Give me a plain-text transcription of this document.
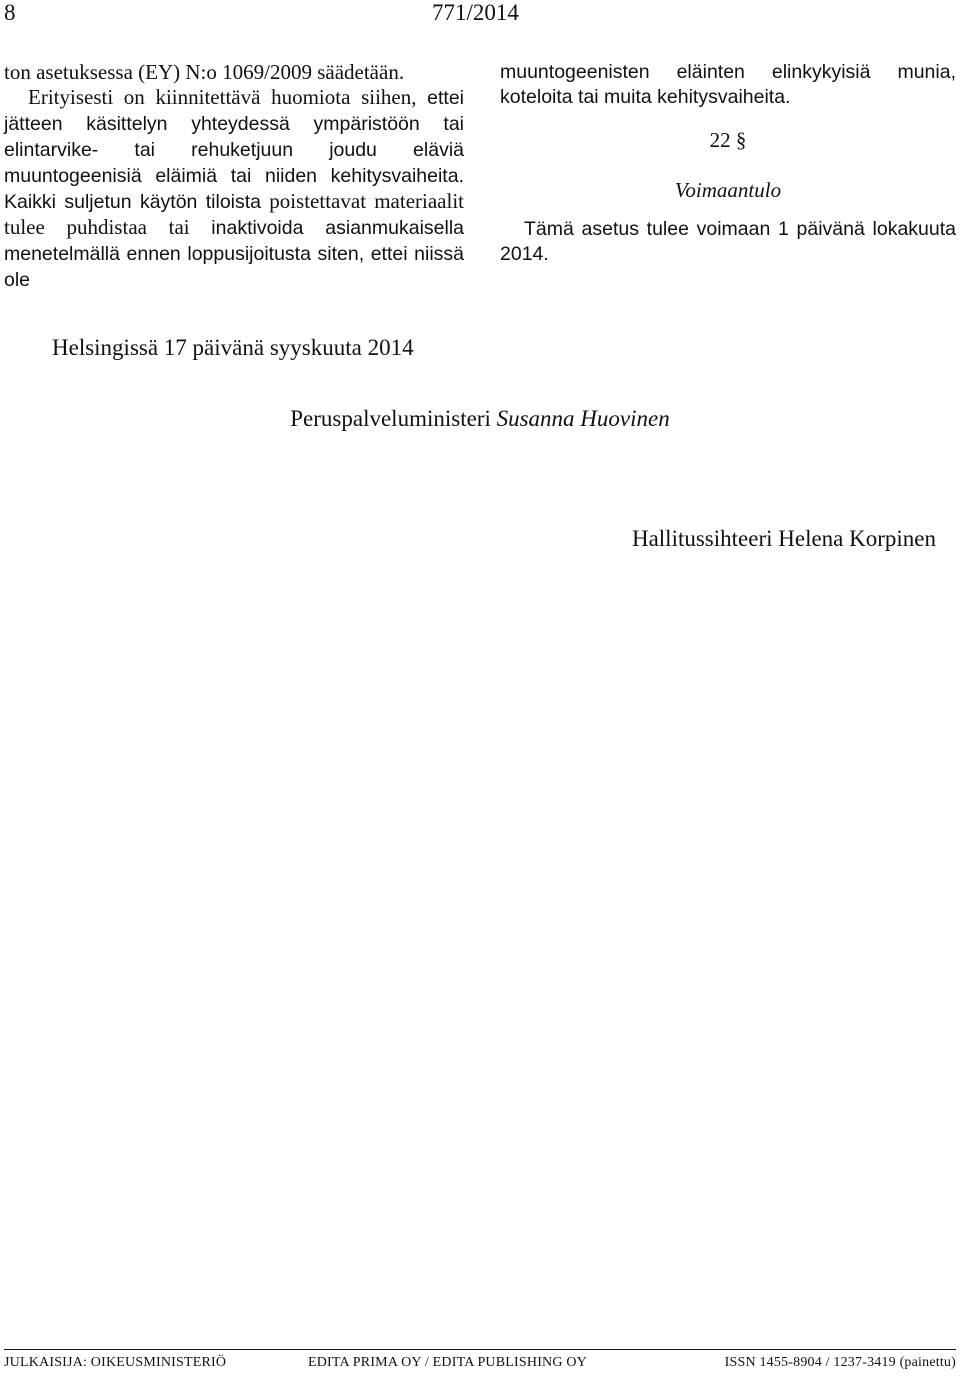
8	771/2014

ton asetuksessa (EY) N:o 1069/2009 säädetään.

Erityisesti on kiinnitettävä huomiota siihen, ettei jätteen käsittelyn yhteydessä ympäristöön tai elintarvike- tai rehuketjuun joudu eläviä muuntogeenisiä eläimiä tai niiden kehitysvaiheita. Kaikki suljetun käytön tiloista poistettavat materiaalit tulee puhdistaa tai inaktivoida asianmukaisella menetelmällä ennen loppusijoitusta siten, ettei niissä ole

muuntogeenisten eläinten elinkykyisiä munia, koteloita tai muita kehitysvaiheita.

22 §
Voimaantulo

Tämä asetus tulee voimaan 1 päivänä lokakuuta 2014.

Helsingissä 17 päivänä syyskuuta 2014
Peruspalveluministeri Susanna Huovinen
Hallitussihteeri Helena Korpinen
JULKAISIJA: OIKEUSMINISTERIÖ	EDITA PRIMA OY / EDITA PUBLISHING OY	ISSN 1455-8904 / 1237-3419 (painettu)
